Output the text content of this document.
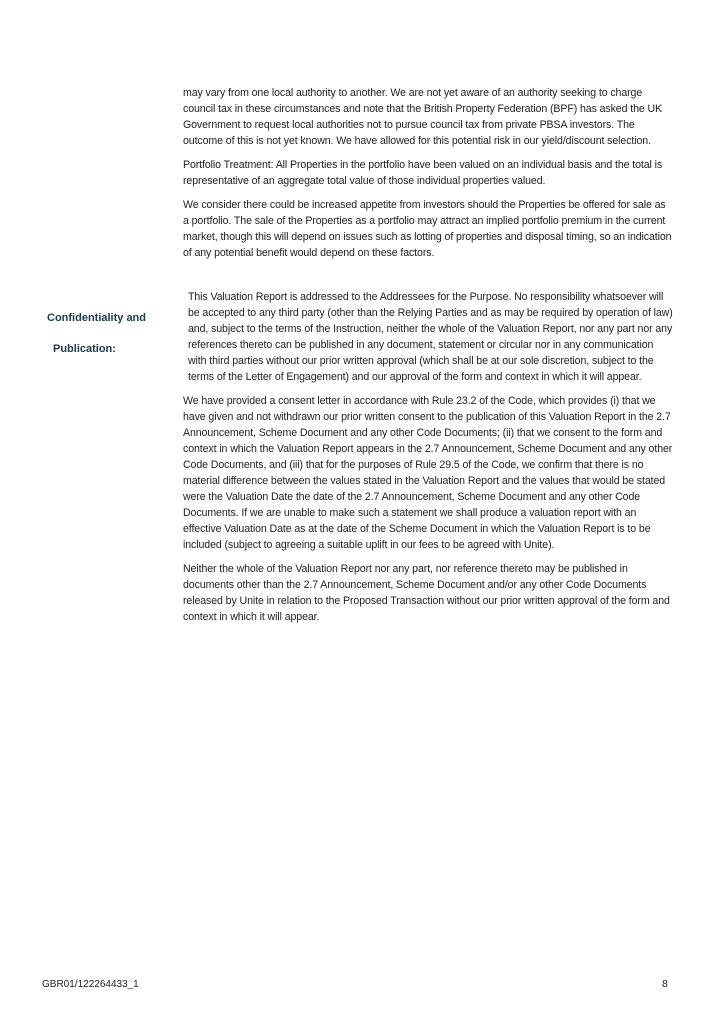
may vary from one local authority to another. We are not yet aware of an authority seeking to charge council tax in these circumstances and note that the British Property Federation (BPF) has asked the UK Government to request local authorities not to pursue council tax from private PBSA investors. The outcome of this is not yet known. We have allowed for this potential risk in our yield/discount selection.

Portfolio Treatment: All Properties in the portfolio have been valued on an individual basis and the total is representative of an aggregate total value of those individual properties valued.

We consider there could be increased appetite from investors should the Properties be offered for sale as a portfolio. The sale of the Properties as a portfolio may attract an implied portfolio premium in the current market, though this will depend on issues such as lotting of properties and disposal timing, so an indication of any potential benefit would depend on these factors.

This Valuation Report is addressed to the Addressees for the Purpose. No responsibility whatsoever will be accepted to any third party (other than the Relying Parties and as may be required by operation of law) and, subject to the terms of the Instruction, neither the whole of the Valuation Report, nor any part nor any references thereto can be published in any document, statement or circular nor in any communication with third parties without our prior written approval (which shall be at our sole discretion, subject to the terms of the Letter of Engagement) and our approval of the form and context in which it will appear.

We have provided a consent letter in accordance with Rule 23.2 of the Code, which provides (i) that we have given and not withdrawn our prior written consent to the publication of this Valuation Report in the 2.7 Announcement, Scheme Document and any other Code Documents; (ii) that we consent to the form and context in which the Valuation Report appears in the 2.7 Announcement, Scheme Document and any other Code Documents, and (iii) that for the purposes of Rule 29.5 of the Code, we confirm that there is no material difference between the values stated in the Valuation Report and the values that would be stated were the Valuation Date the date of the 2.7 Announcement, Scheme Document and any other Code Documents. If we are unable to make such a statement we shall produce a valuation report with an effective Valuation Date as at the date of the Scheme Document in which the Valuation Report is to be included (subject to agreeing a suitable uplift in our fees to be agreed with Unite).

Neither the whole of the Valuation Report nor any part, nor reference thereto may be published in documents other than the 2.7 Announcement, Scheme Document and/or any other Code Documents released by Unite in relation to the Proposed Transaction without our prior written approval of the form and context in which it will appear.

Confidentiality and
Publication:
GBR01/122264433_1	8
